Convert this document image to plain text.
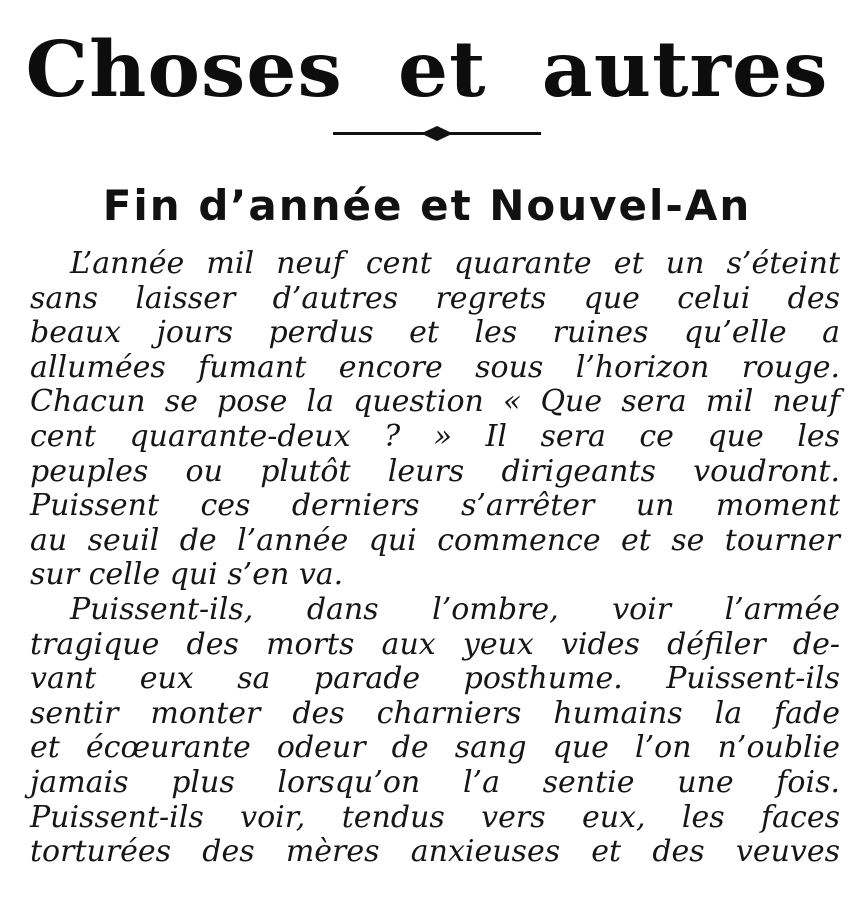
Choses et autres
Fin d’année et Nouvel-An
L’année mil neuf cent quarante et un s’éteint
sans laisser d’autres regrets que celui des
beaux jours perdus et les ruines qu’elle a
allumées fumant encore sous l’horizon rouge.
Chacun se pose la question « Que sera mil neuf
cent quarante-deux ? » Il sera ce que les
peuples ou plutôt leurs dirigeants voudront.
Puissent ces derniers s’arrêter un moment
au seuil de l’année qui commence et se tourner
sur celle qui s’en va.
Puissent-ils, dans l’ombre, voir l’armée
tragique des morts aux yeux vides défiler de-
vant eux sa parade posthume. Puissent-ils
sentir monter des charniers humains la fade
et écœurante odeur de sang que l’on n’oublie
jamais plus lorsqu’on l’a sentie une fois.
Puissent-ils voir, tendus vers eux, les faces
torturées des mères anxieuses et des veuves
